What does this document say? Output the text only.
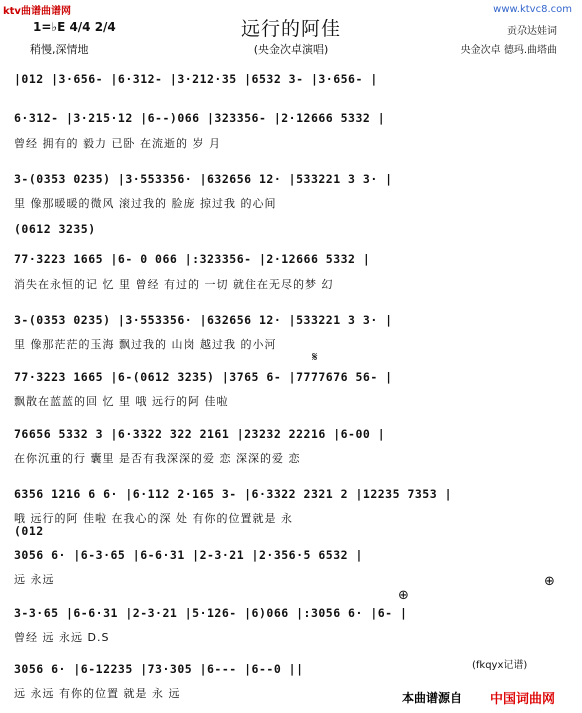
ktv曲谱曲谱网	www.ktvc8.com
1=♭E 4/4 2/4
稍慢,深情地
远行的阿佳
(央金次卓演唱)
贡尕达娃词
央金次卓 德玛.曲塔曲
|012 |3·656- |6·312- |3·212·35 |6532 3- |3·656- |
6·312- |3·215·12 |6--)066 |323356- |2·12666 5332 |
曾经 拥有的 毅力 已卧 在流逝的 岁 月
3-(0353 0235) |3·553356· |632656 12· |533221 3 3· |
里 像那暖暖的微风 滚过我的 脸庞 掠过我 的心间
(0612 3235)
77·3223 1665 |6- 0 066 |:323356- |2·12666 5332 |
消失在永恒的记 忆 里 曾经 有过的 一切 就住在无尽的梦 幻
3-(0353 0235) |3·553356· |632656 12· |533221 3 3· |
里 像那茫茫的玉海 飘过我的 山岗 越过我 的小河
77·3223 1665 |6-(0612 3235) |3765 6- |7777676 56- |
飘散在蓝蓝的回 忆 里 哦 远行的阿 佳啦
76656 5332 3 |6·3322 322 2161 |23232 22216 |6-00 |
在你沉重的行 囊里 是否有我深深的爱 恋 深深的爱 恋
6356 1216 6 6· |6·112 2·165 3- |6·3322 2321 2 |12235 7353 |
哦 远行的阿 佳啦 在我心的深 处 有你的位置就是 永
(012
3056 6· |6-3·65 |6-6·31 |2-3·21 |2·356·5 6532 |
远 永远
3-3·65 |6-6·31 |2-3·21 |5·126- |6)066 |:3056 6· |6- |
曾经 远 永远 D.S
3056 6· |6-12235 |73·305 |6--- |6--0 ||
远 永远 有你的位置 就是 永 远
𝄋
⊕
⊕
(fkqyx记谱)
本曲谱源自 中国词曲网
